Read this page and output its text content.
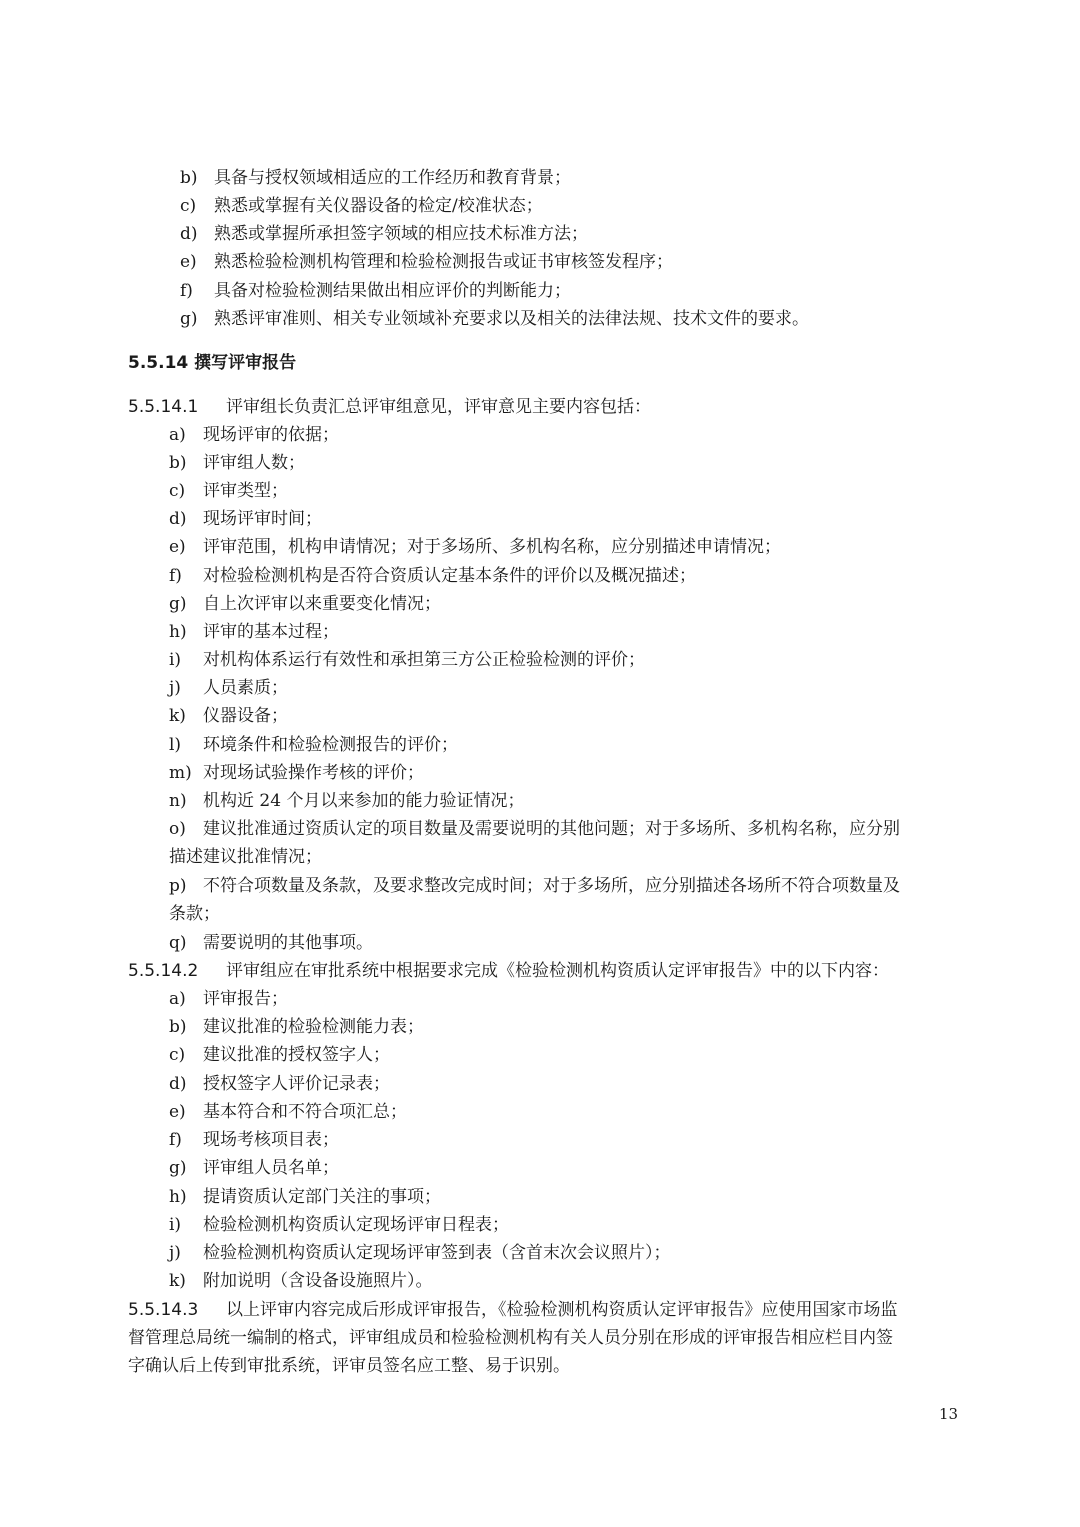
b) 具备与授权领域相适应的工作经历和教育背景；
c) 熟悉或掌握有关仪器设备的检定/校准状态；
d) 熟悉或掌握所承担签字领域的相应技术标准方法；
e) 熟悉检验检测机构管理和检验检测报告或证书审核签发程序；
f) 具备对检验检测结果做出相应评价的判断能力；
g) 熟悉评审准则、相关专业领域补充要求以及相关的法律法规、技术文件的要求。
5.5.14 撰写评审报告
5.5.14.1 评审组长负责汇总评审组意见，评审意见主要内容包括：
a) 现场评审的依据；
b) 评审组人数；
c) 评审类型；
d) 现场评审时间；
e) 评审范围，机构申请情况；对于多场所、多机构名称，应分别描述申请情况；
f) 对检验检测机构是否符合资质认定基本条件的评价以及概况描述；
g) 自上次评审以来重要变化情况；
h) 评审的基本过程；
i) 对机构体系运行有效性和承担第三方公正检验检测的评价；
j) 人员素质；
k) 仪器设备；
l) 环境条件和检验检测报告的评价；
m) 对现场试验操作考核的评价；
n) 机构近 24 个月以来参加的能力验证情况；
o) 建议批准通过资质认定的项目数量及需要说明的其他问题；对于多场所、多机构名称，应分别
描述建议批准情况；
p) 不符合项数量及条款，及要求整改完成时间；对于多场所，应分别描述各场所不符合项数量及
条款；
q) 需要说明的其他事项。
5.5.14.2 评审组应在审批系统中根据要求完成《检验检测机构资质认定评审报告》中的以下内容：
a) 评审报告；
b) 建议批准的检验检测能力表；
c) 建议批准的授权签字人；
d) 授权签字人评价记录表；
e) 基本符合和不符合项汇总；
f) 现场考核项目表；
g) 评审组人员名单；
h) 提请资质认定部门关注的事项；
i) 检验检测机构资质认定现场评审日程表；
j) 检验检测机构资质认定现场评审签到表（含首末次会议照片）；
k) 附加说明（含设备设施照片）。
5.5.14.3 以上评审内容完成后形成评审报告，《检验检测机构资质认定评审报告》应使用国家市场监
督管理总局统一编制的格式，评审组成员和检验检测机构有关人员分别在形成的评审报告相应栏目内签
字确认后上传到审批系统，评审员签名应工整、易于识别。
13
